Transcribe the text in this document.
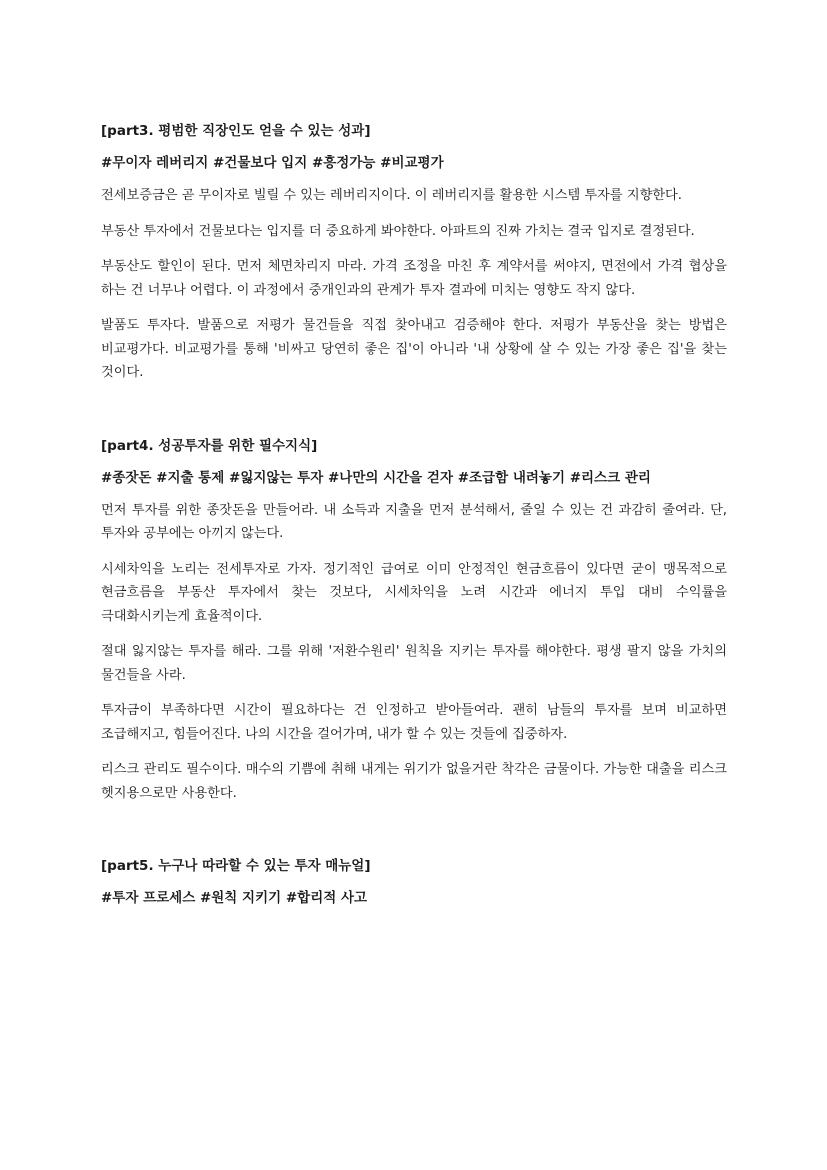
[part3. 평범한 직장인도 얻을 수 있는 성과]
#무이자 레버리지 #건물보다 입지 #흥정가능 #비교평가

전세보증금은 곧 무이자로 빌릴 수 있는 레버리지이다. 이 레버리지를 활용한 시스템 투자를 지향한다.

부동산 투자에서 건물보다는 입지를 더 중요하게 봐야한다. 아파트의 진짜 가치는 결국 입지로 결정된다.

부동산도 할인이 된다. 먼저 체면차리지 마라. 가격 조정을 마친 후 계약서를 써야지, 면전에서 가격 협상을 하는 건 너무나 어렵다. 이 과정에서 중개인과의 관계가 투자 결과에 미치는 영향도 작지 않다.

발품도 투자다. 발품으로 저평가 물건들을 직접 찾아내고 검증해야 한다. 저평가 부동산을 찾는 방법은 비교평가다. 비교평가를 통해 '비싸고 당연히 좋은 집'이 아니라 '내 상황에 살 수 있는 가장 좋은 집'을 찾는 것이다.

[part4. 성공투자를 위한 필수지식]
#종잣돈 #지출 통제 #잃지않는 투자 #나만의 시간을 걷자 #조급함 내려놓기 #리스크 관리

먼저 투자를 위한 종잣돈을 만들어라. 내 소득과 지출을 먼저 분석해서, 줄일 수 있는 건 과감히 줄여라. 단, 투자와 공부에는 아끼지 않는다.

시세차익을 노리는 전세투자로 가자. 정기적인 급여로 이미 안정적인 현금흐름이 있다면 굳이 맹목적으로 현금흐름을 부동산 투자에서 찾는 것보다, 시세차익을 노려 시간과 에너지 투입 대비 수익률을 극대화시키는게 효율적이다.

절대 잃지않는 투자를 해라. 그를 위해 '저환수원리' 원칙을 지키는 투자를 해야한다. 평생 팔지 않을 가치의 물건들을 사라.

투자금이 부족하다면 시간이 필요하다는 건 인정하고 받아들여라. 괜히 남들의 투자를 보며 비교하면 조급해지고, 힘들어진다. 나의 시간을 걸어가며, 내가 할 수 있는 것들에 집중하자.

리스크 관리도 필수이다. 매수의 기쁨에 취해 내게는 위기가 없을거란 착각은 금물이다. 가능한 대출을 리스크 헷지용으로만 사용한다.

[part5. 누구나 따라할 수 있는 투자 매뉴얼]
#투자 프로세스 #원칙 지키기 #합리적 사고
